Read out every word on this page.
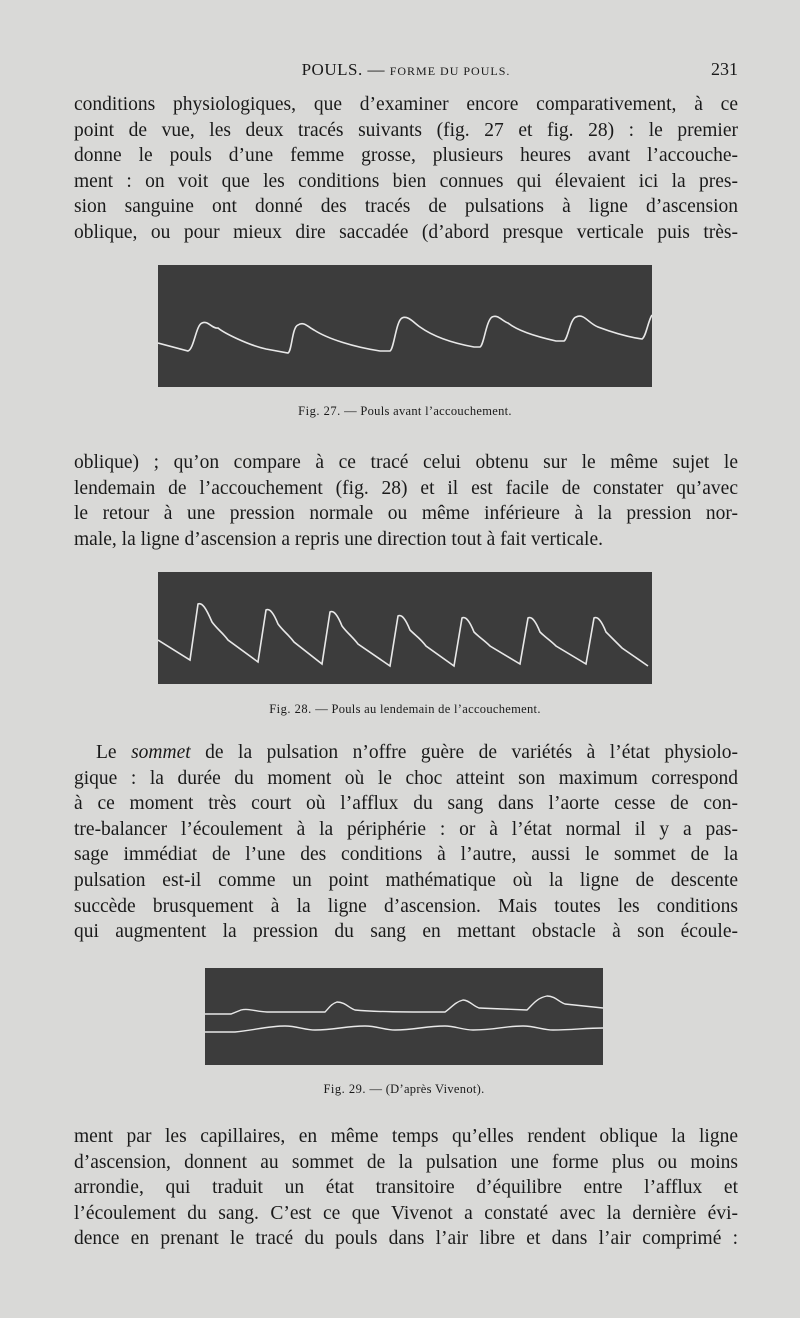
POULS. — FORME DU POULS.	231
conditions physiologiques, que d’examiner encore comparativement, à ce
point de vue, les deux tracés suivants (fig. 27 et fig. 28) : le premier
donne le pouls d’une femme grosse, plusieurs heures avant l’accouche-
ment : on voit que les conditions bien connues qui élevaient ici la pres-
sion sanguine ont donné des tracés de pulsations à ligne d’ascension
oblique, ou pour mieux dire saccadée (d’abord presque verticale puis très-
Fig. 27. — Pouls avant l’accouchement.
oblique) ; qu’on compare à ce tracé celui obtenu sur le même sujet le
lendemain de l’accouchement (fig. 28) et il est facile de constater qu’avec
le retour à une pression normale ou même inférieure à la pression nor-
male, la ligne d’ascension a repris une direction tout à fait verticale.
Fig. 28. — Pouls au lendemain de l’accouchement.
Le sommet de la pulsation n’offre guère de variétés à l’état physiolo-
gique : la durée du moment où le choc atteint son maximum correspond
à ce moment très court où l’afflux du sang dans l’aorte cesse de con-
tre-balancer l’écoulement à la périphérie : or à l’état normal il y a pas-
sage immédiat de l’une des conditions à l’autre, aussi le sommet de la
pulsation est-il comme un point mathématique où la ligne de descente
succède brusquement à la ligne d’ascension. Mais toutes les conditions
qui augmentent la pression du sang en mettant obstacle à son écoule-
Fig. 29. — (D’après Vivenot).
ment par les capillaires, en même temps qu’elles rendent oblique la ligne
d’ascension, donnent au sommet de la pulsation une forme plus ou moins
arrondie, qui traduit un état transitoire d’équilibre entre l’afflux et
l’écoulement du sang. C’est ce que Vivenot a constaté avec la dernière évi-
dence en prenant le tracé du pouls dans l’air libre et dans l’air comprimé :
